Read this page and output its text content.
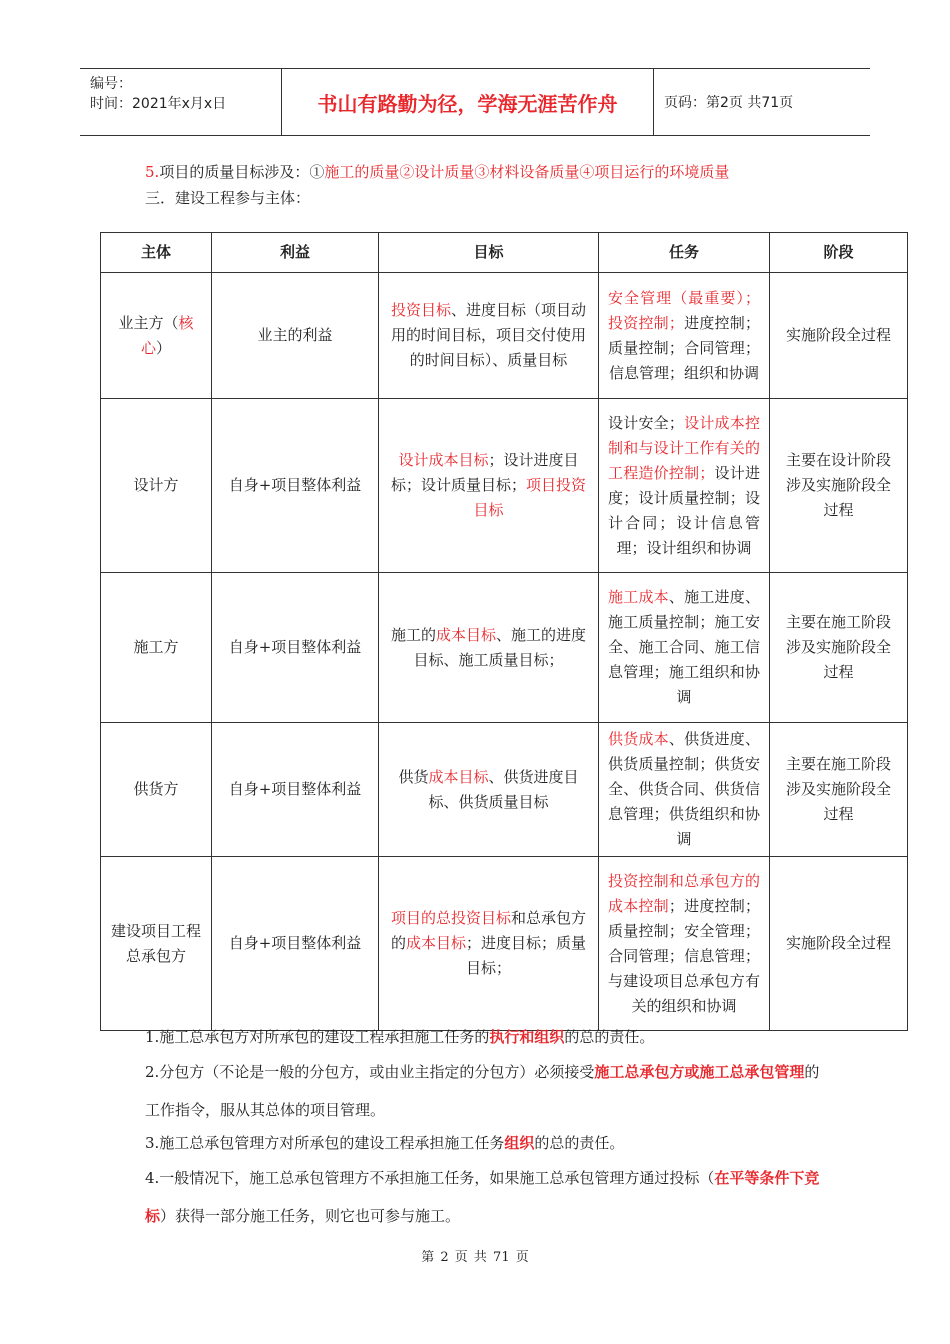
编号：
时间：2021年x月x日	书山有路勤为径，学海无涯苦作舟	页码：第2页 共71页
5.项目的质量目标涉及：①施工的质量②设计质量③材料设备质量④项目运行的环境质量
三．建设工程参与主体：
主体	利益	目标	任务	阶段
业主方（核心）	业主的利益	投资目标、进度目标（项目动用的时间目标，项目交付使用的时间目标）、质量目标	安全管理（最重要）；投资控制；进度控制；质量控制；合同管理；信息管理；组织和协调	实施阶段全过程
设计方	自身+项目整体利益	设计成本目标；设计进度目标；设计质量目标；项目投资目标	设计安全；设计成本控制和与设计工作有关的工程造价控制；设计进度；设计质量控制；设计合同；设计信息管理；设计组织和协调	主要在设计阶段涉及实施阶段全过程
施工方	自身+项目整体利益	施工的成本目标、施工的进度目标、施工质量目标；	施工成本、施工进度、施工质量控制；施工安全、施工合同、施工信息管理；施工组织和协调	主要在施工阶段涉及实施阶段全过程
供货方	自身+项目整体利益	供货成本目标、供货进度目标、供货质量目标	供货成本、供货进度、供货质量控制；供货安全、供货合同、供货信息管理；供货组织和协调	主要在施工阶段涉及实施阶段全过程
建设项目工程总承包方	自身+项目整体利益	项目的总投资目标和总承包方的成本目标；进度目标；质量目标；	投资控制和总承包方的成本控制；进度控制；质量控制；安全管理；合同管理；信息管理；与建设项目总承包方有关的组织和协调	实施阶段全过程
1.施工总承包方对所承包的建设工程承担施工任务的执行和组织的总的责任。
2.分包方（不论是一般的分包方，或由业主指定的分包方）必须接受施工总承包方或施工总承包管理的工作指令，服从其总体的项目管理。
3.施工总承包管理方对所承包的建设工程承担施工任务组织的总的责任。
4.一般情况下，施工总承包管理方不承担施工任务，如果施工总承包管理方通过投标（在平等条件下竞标）获得一部分施工任务，则它也可参与施工。
第 2 页 共 71 页
